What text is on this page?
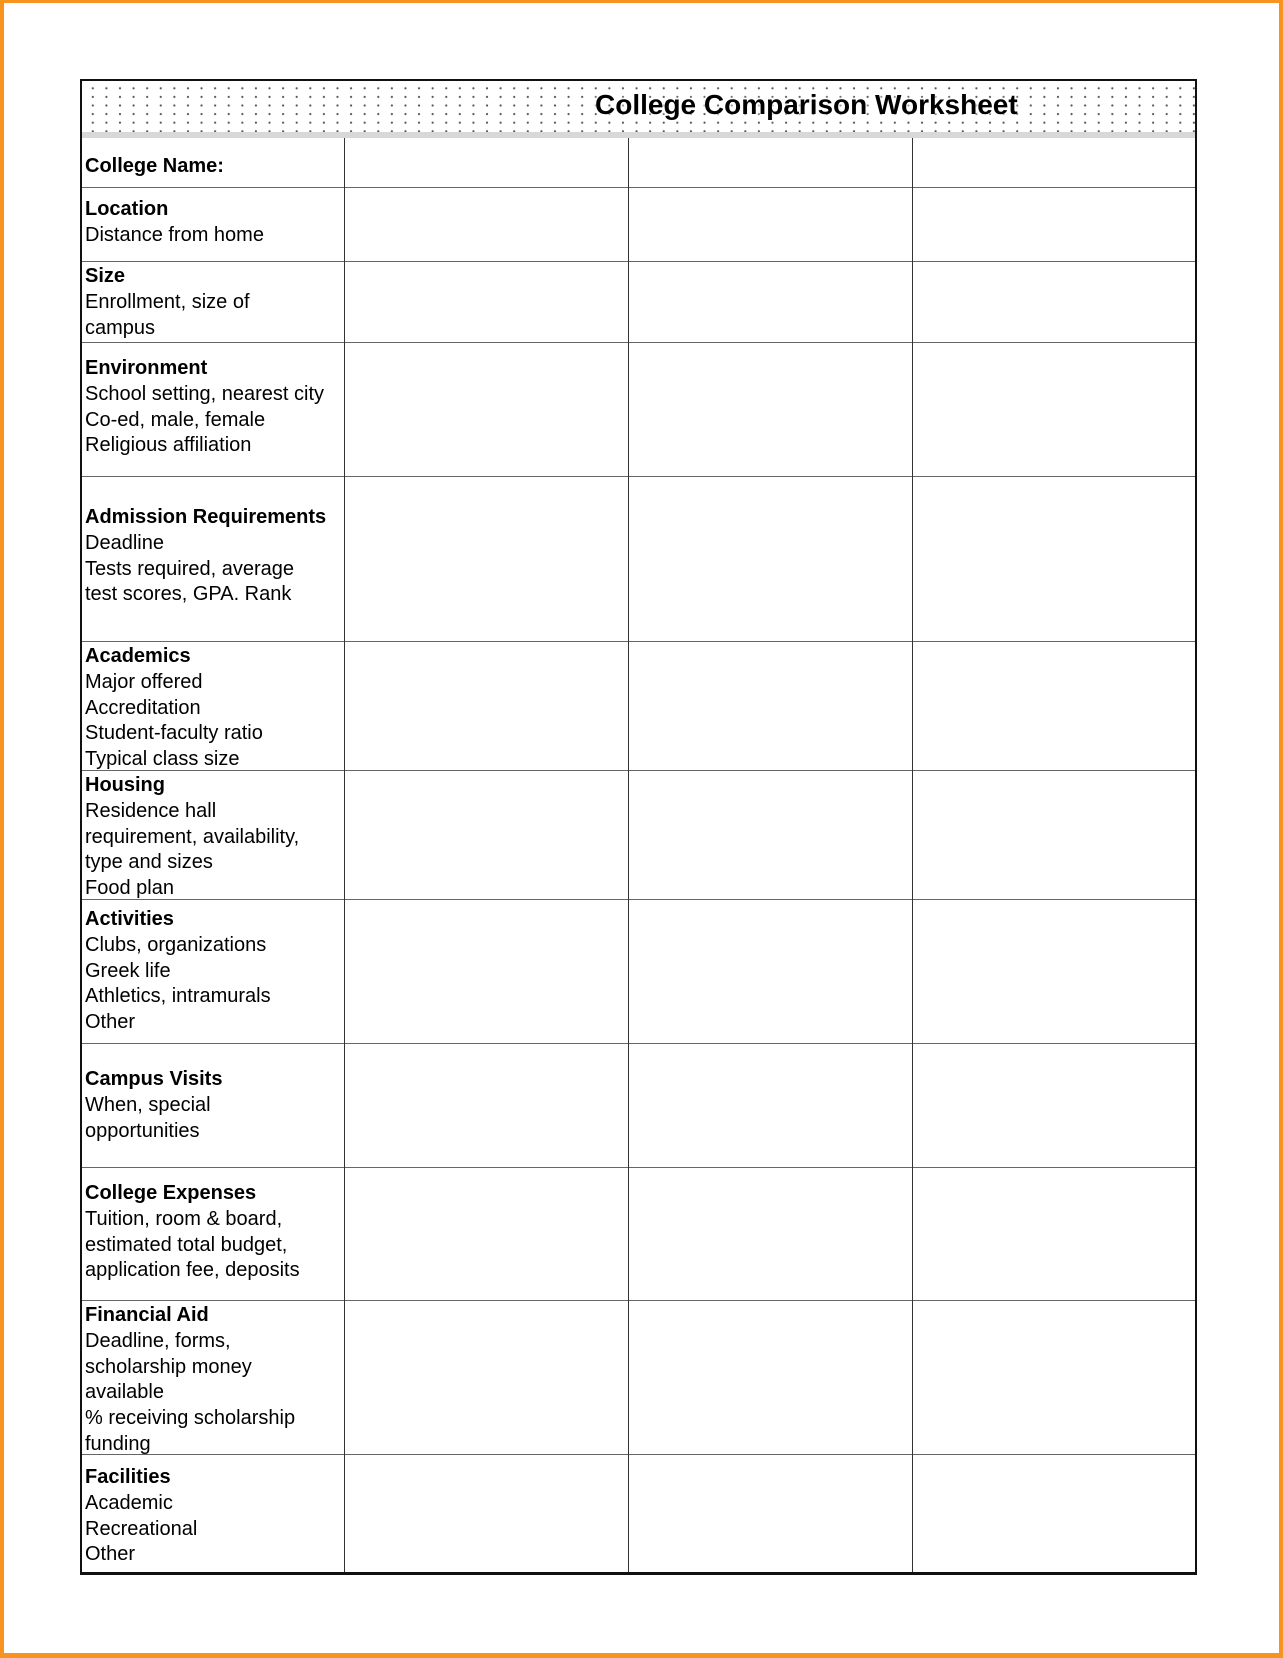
College Comparison Worksheet
College Name:
Location
Distance from home
Size
Enrollment, size of
campus
Environment
School setting, nearest city
Co-ed, male, female
Religious affiliation
Admission Requirements
Deadline
Tests required, average
test scores, GPA. Rank
Academics
Major offered
Accreditation
Student-faculty ratio
Typical class size
Housing
Residence hall
requirement, availability,
type and sizes
Food plan
Activities
Clubs, organizations
Greek life
Athletics, intramurals
Other
Campus Visits
When, special
opportunities
College Expenses
Tuition, room & board,
estimated total budget,
application fee, deposits
Financial Aid
Deadline, forms,
scholarship money
available
% receiving scholarship
funding
Facilities
Academic
Recreational
Other
